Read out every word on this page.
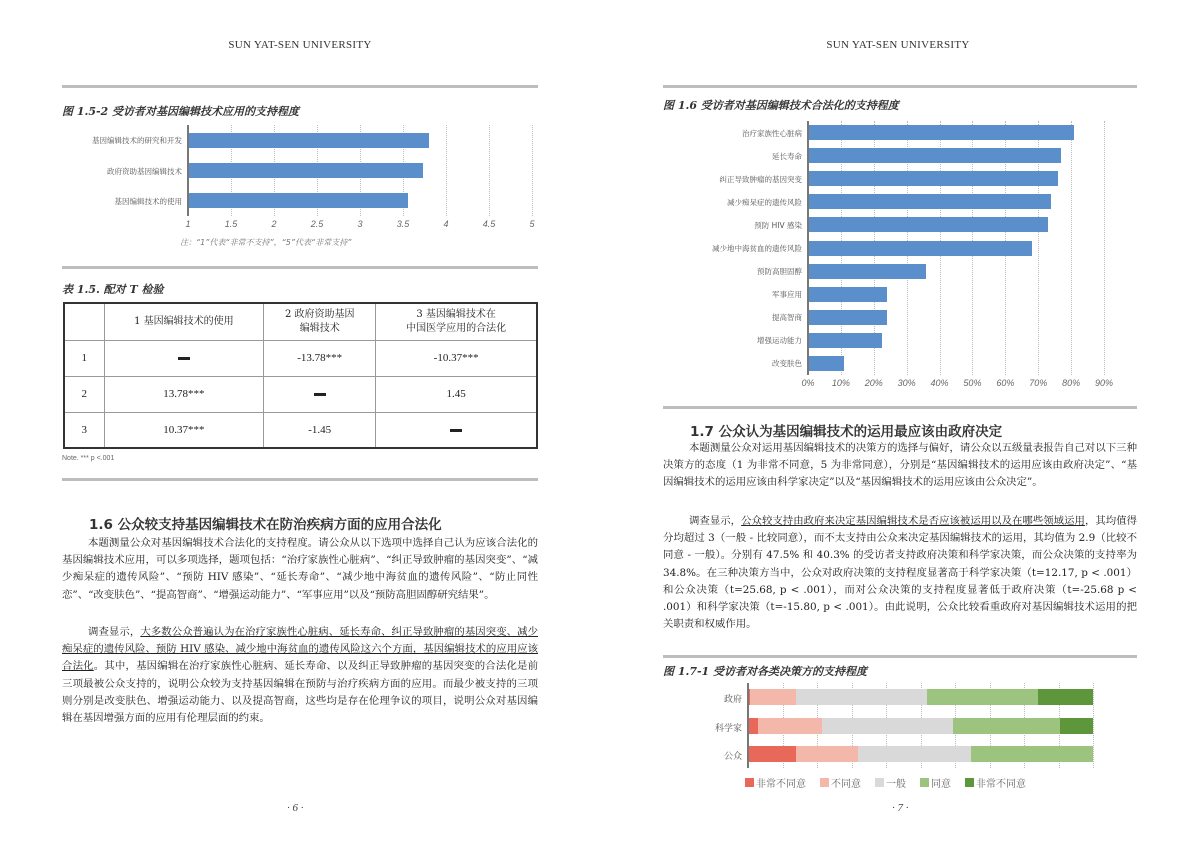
SUN YAT-SEN UNIVERSITY
图 1.5-2 受访者对基因编辑技术应用的支持程度
1	1.5	2	2.5	3	3.5	4	4.5	5
基因编辑技术的研究和开发
政府资助基因编辑技术
基因编辑技术的使用
注：“1”代表“非常不支持”，“5”代表“非常支持”
表 1.5. 配对 T 检验
	1 基因编辑技术的使用	2 政府资助基因
编辑技术	3 基因编辑技术在
中国医学应用的合法化
1		-13.78***	-10.37***
2	13.78***		1.45
3	10.37***	-1.45	
Note. *** p <.001
1.6 公众较支持基因编辑技术在防治疾病方面的应用合法化
本题测量公众对基因编辑技术合法化的支持程度。请公众从以下选项中选择自己认为应该合法化的基因编辑技术应用，可以多项选择，题项包括：“治疗家族性心脏病”、“纠正导致肿瘤的基因突变”、“减少痴呆症的遗传风险”、“预防 HIV 感染”、“延长寿命”、“减少地中海贫血的遗传风险”、“防止同性恋”、“改变肤色”、“提高智商”、“增强运动能力”、“军事应用”以及“预防高胆固醇研究结果”。
调查显示，大多数公众普遍认为在治疗家族性心脏病、延长寿命、纠正导致肿瘤的基因突变、减少痴呆症的遗传风险、预防 HIV 感染、减少地中海贫血的遗传风险这六个方面，基因编辑技术的应用应该合法化。其中，基因编辑在治疗家族性心脏病、延长寿命、以及纠正导致肿瘤的基因突变的合法化是前三项最被公众支持的，说明公众较为支持基因编辑在预防与治疗疾病方面的应用。而最少被支持的三项则分别是改变肤色、增强运动能力、以及提高智商，这些均是存在伦理争议的项目，说明公众对基因编辑在基因增强方面的应用有伦理层面的约束。
· 6 ·
SUN YAT-SEN UNIVERSITY
图 1.6 受访者对基因编辑技术合法化的支持程度
0% 10% 20% 30% 40% 50% 60% 70% 80% 90%
治疗家族性心脏病
延长寿命
纠正导致肿瘤的基因突变
减少痴呆症的遗传风险
预防 HIV 感染
减少地中海贫血的遗传风险
预防高胆固醇
军事应用
提高智商
增强运动能力
改变肤色
1.7 公众认为基因编辑技术的运用最应该由政府决定
本题测量公众对运用基因编辑技术的决策方的选择与偏好，请公众以五级量表报告自己对以下三种决策方的态度（1 为非常不同意，5 为非常同意），分别是“基因编辑技术的运用应该由政府决定”、“基因编辑技术的运用应该由科学家决定”以及“基因编辑技术的运用应该由公众决定”。
调查显示，公众较支持由政府来决定基因编辑技术是否应该被运用以及在哪些领域运用，其均值得分均超过 3（一般 - 比较同意），而不太支持由公众来决定基因编辑技术的运用，其均值为 2.9（比较不同意 - 一般）。分别有 47.5% 和 40.3% 的受访者支持政府决策和科学家决策，而公众决策的支持率为 34.8%。在三种决策方当中，公众对政府决策的支持程度显著高于科学家决策（t=12.17, p < .001）和公众决策（t=25.68, p < .001），而对公众决策的支持程度显著低于政府决策（t=-25.68 p < .001）和科学家决策（t=-15.80, p < .001）。由此说明，公众比较看重政府对基因编辑技术运用的把关职责和权威作用。
图 1.7-1 受访者对各类决策方的支持程度
政府
科学家
公众
非常不同意	不同意	一般	同意	非常不同意
· 7 ·
